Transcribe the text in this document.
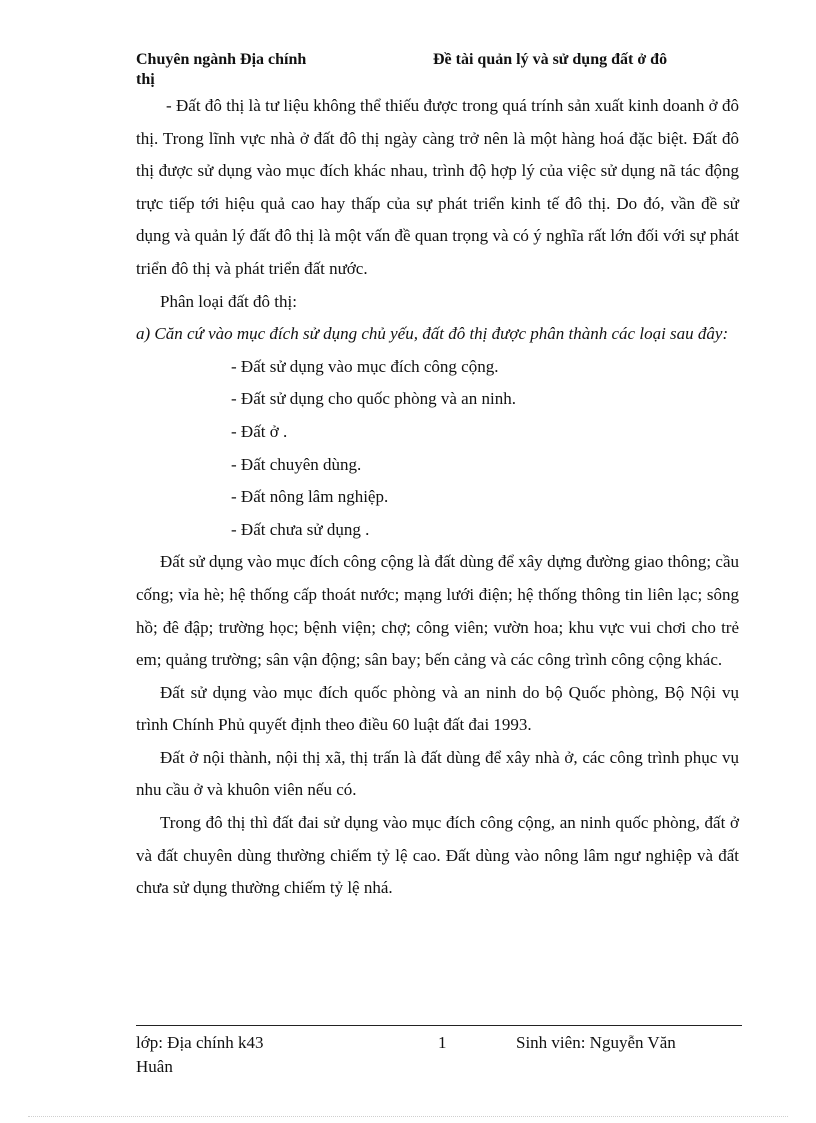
Chuyên ngành Địa chính
thị
Đề tài quản lý và sử dụng đất ở đô

- Đất đô thị là tư liệu không thể thiếu được trong quá trính sản xuất kinh doanh ở đô thị. Trong lĩnh vực nhà ở đất đô thị ngày càng trở nên là một hàng hoá đặc biệt. Đất đô thị được sử dụng vào mục đích khác nhau, trình độ hợp lý của việc sử dụng nã tác động trực tiếp tới hiệu quả cao hay thấp của sự phát triển kinh tế đô thị. Do đó, vần đề sử dụng và quản lý đất đô thị là một vấn đề quan trọng và có ý nghĩa rất lớn đối với sự phát triển đô thị và phát triển đất nước.

Phân loại đất đô thị:

a) Căn cứ vào mục đích sử dụng chủ yếu, đất đô thị được phân thành các loại sau đây:

- Đất sử dụng vào mục đích công cộng.
- Đất sử dụng cho quốc phòng và an ninh.
- Đất ở .
- Đất chuyên dùng.
- Đất nông lâm nghiệp.
- Đất chưa sử dụng .

Đất sử dụng vào mục đích công cộng là đất dùng để xây dựng đường giao thông; cầu cống; vỉa hè; hệ thống cấp thoát nước; mạng lưới điện; hệ thống thông tin liên lạc; sông hồ; đê đập; trường học; bệnh viện; chợ; công viên; vườn hoa; khu vực vui chơi cho trẻ em; quảng trường; sân vận động; sân bay; bến cảng và các công trình công cộng khác.

Đất sử dụng vào mục đích quốc phòng và an ninh do bộ Quốc phòng, Bộ Nội vụ trình Chính Phủ quyết định theo điều 60 luật đất đai 1993.

Đất ở nội thành, nội thị xã, thị trấn là đất dùng để xây nhà ở, các công trình phục vụ nhu cầu ở và khuôn viên nếu có.

Trong đô thị thì đất đai sử dụng vào mục đích công cộng, an ninh quốc phòng, đất ở và đất chuyên dùng thường chiếm tỷ lệ cao. Đất dùng vào nông lâm ngư nghiệp và đất chưa sử dụng thường chiếm tỷ lệ nhá.

lớp: Địa chính k43
Huân
1	Sinh viên: Nguyễn Văn
